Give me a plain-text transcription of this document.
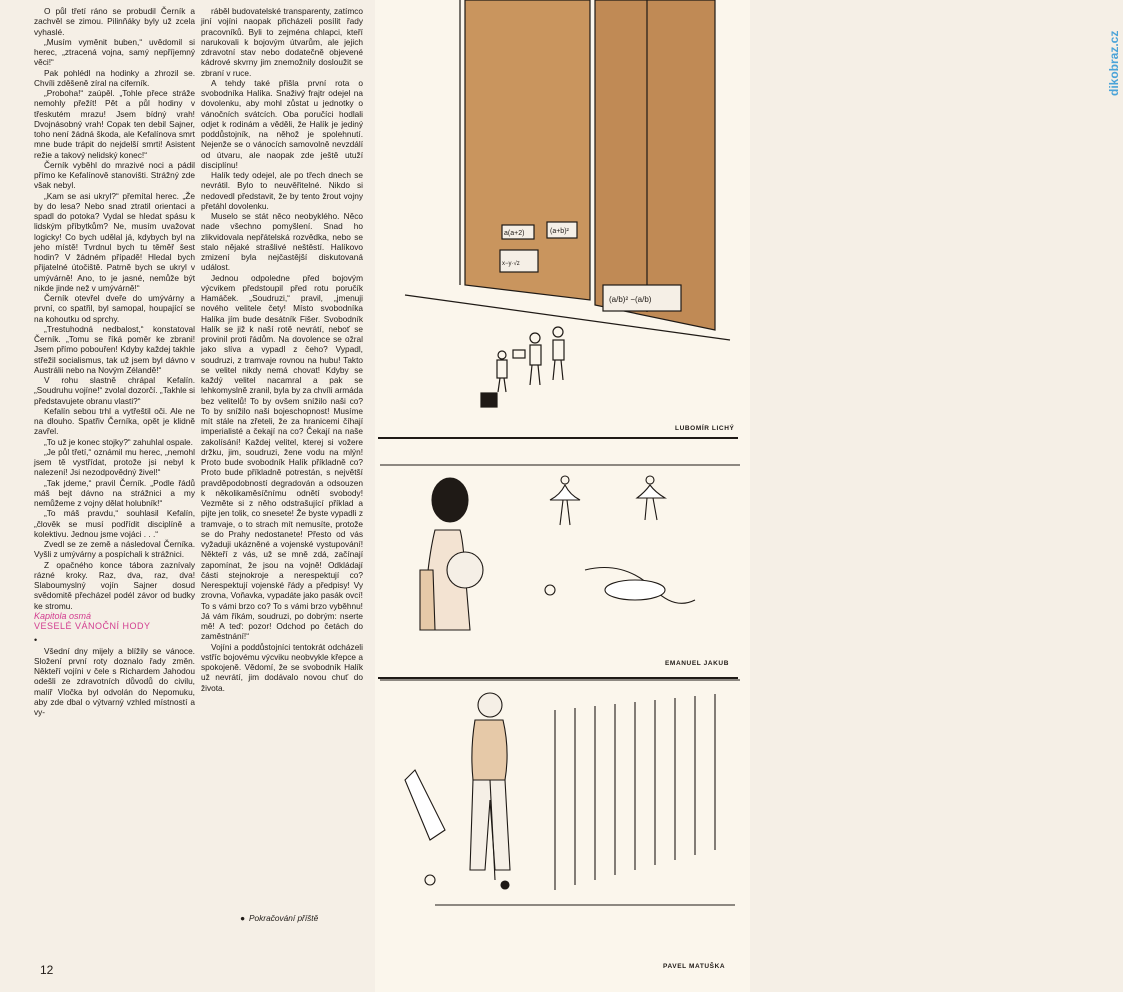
O půl třetí ráno se probudil Černík a zachvěl se zimou. Pilinňáky byly už zcela vyhaslé.

„Musím vyměnit buben,“ uvědomil si herec, „ztracená vojna, samý nepříjemný věci!“

Pak pohlédl na hodinky a zhrozil se. Chvíli zděšeně zíral na ciferník.

„Proboha!“ zaúpěl. „Tohle přece stráže nemohly přežít! Pět a půl hodiny v třeskutém mrazu! Jsem bídný vrah! Dvojnásobný vrah! Copak ten debil Sajner, toho není žádná škoda, ale Kefalínova smrt mne bude trápit do nejdelší smrti! Asistent režie a takový nelidský konec!“

Černík vyběhl do mrazivé noci a pádil přímo ke Kefalínově stanovišti. Strážný zde však nebyl.

„Kam se asi ukryl?“ přemítal herec. „Že by do lesa? Nebo snad ztratil orientaci a spadl do potoka? Vydal se hledat spásu k lidským příbytkům? Ne, musím uvažovat logicky! Co bych udělal já, kdybych byl na jeho místě! Tvrdnul bych tu těměř šest hodin? V žádném případě! Hledal bych přijatelné útočiště. Patrně bych se ukryl v umývárně! Ano, to je jasné, nemůže být nikde jinde než v umývárně!“

Černík otevřel dveře do umývárny a první, co spatřil, byl samopal, houpající se na kohoutku od sprchy.

„Trestuhodná nedbalost,“ konstatoval Černík. „Tomu se říká poměr ke zbrani! Jsem přímo pobouřen! Kdyby každej takhle střežil socialismus, tak už jsem byl dávno v Austrálii nebo na Novým Zélandě!“

V rohu slastně chrápal Kefalín. „Soudruhu vojíne!“ zvolal dozorčí. „Takhle si představujete obranu vlasti?“

Kefalín sebou trhl a vytřeštil oči. Ale ne na dlouho. Spatřiv Černíka, opět je klidně zavřel.

„To už je konec stojky?“ zahuhlal ospale.

„Je půl třetí,“ oznámil mu herec, „nemohl jsem tě vystřídat, protože jsi nebyl k nalezení! Jsi nezodpovědný živel!“

„Tak jdeme,“ pravil Černík. „Podle řádů máš bejt dávno na strážnici a my nemůžeme z vojny dělat holubník!“

„To máš pravdu,“ souhlasil Kefalín, „člověk se musí podřídit disciplíně a kolektivu. Jednou jsme vojáci . . .“

Zvedl se ze země a následoval Černíka. Vyšli z umývárny a pospíchali k strážnici.

Z opačného konce tábora zaznívaly rázné kroky. Raz, dva, raz, dva! Slaboumyslný vojín Sajner dosud svědomitě přecházel podél závor od budky ke stromu.

Kapitola osmá

VESELÉ VÁNOČNÍ HODY

•

Všední dny mijely a blížily se vánoce. Složení první roty doznalo řady změn. Někteří vojíni v čele s Richardem Jahodou odešli ze zdravotních důvodů do civilu, malíř Vločka byl odvolán do Nepomuku, aby zde dbal o výtvarný vzhled místností a vy-

ráběl budovatelské transparenty, zatímco jiní vojíni naopak přicházeli posílit řady pracovníků. Byli to zejména chlapci, kteří narukovali k bojovým útvarům, ale jejich zdravotní stav nebo dodatečně objevené kádrové skvrny jim znemožnily dosloužit se zbraní v ruce.

A tehdy také přišla první rota o svobodníka Halíka. Snaživý frajtr odejel na dovolenku, aby mohl zůstat u jednotky o vánočních svátcích. Oba poručíci hodlali odjet k rodinám a věděli, že Halík je jediný poddůstojník, na něhož je spolehnutí. Nejenže se o vánocích samovolně nevzdálí od útvaru, ale naopak zde ještě utuží disciplínu!

Halík tedy odejel, ale po třech dnech se nevrátil. Bylo to neuvěřitelné. Nikdo si nedovedl představit, že by tento žrout vojny přetáhl dovolenku.

Muselo se stát něco neobyklého. Něco nade všechno pomyšlení. Snad ho zlikvidovala nepřátelská rozvědka, nebo se stalo nějaké strašlivé neštěstí. Halíkovo zmizení byla nejčastější diskutovaná událost.

Jednou odpoledne před bojovým výcvikem předstoupil před rotu poručík Hamáček. „Soudruzi,“ pravil, „jmenuji nového velitele čety! Místo svobodníka Halíka jím bude desátník Fišer. Svobodník Halík se již k naší rotě nevrátí, neboť se provinil proti řádům. Na dovolence se ožral jako slíva a vypadl z čeho? Vypadl, soudruzi, z tramvaje rovnou na hubu! Takto se velitel nikdy nemá chovat! Kdyby se každý velitel nacamral a pak se lehkomyslně zranil, byla by za chvíli armáda bez velitelů! To by ovšem snížilo naši co? To by snížilo naši bojeschopnost! Musíme mít stále na zřeteli, že za hranicemi číhají imperialisté a čekají na co? Čekají na naše zakolísání! Každej velitel, kterej si vožere držku, jim, soudruzi, žene vodu na mlýn! Proto bude svobodník Halík příkladně co? Proto bude příkladně potrestán, s největší pravděpodobností degradován a odsouzen k několikaměsíčnímu odnětí svobody! Vezměte si z něho odstrašující příklad a pijte jen tolik, co snesete! Že byste vypadli z tramvaje, o to strach mít nemusíte, protože se do Prahy nedostanete! Přesto od vás vyžaduji ukázněné a vojenské vystupování! Někteří z vás, už se mně zdá, začínají zapomínat, že jsou na vojně! Odkládají části stejnokroje a nerespektují co? Nerespektují vojenské řády a předpisy! Vy zrovna, Voňavka, vypadáte jako pasák ovcí! To s vámi brzo co? To s vámi brzo vyběhnu! Já vám říkám, soudruzi, po dobrým: nserte mě! A teď: pozor! Odchod po četách do zaměstnání!“

Vojíni a poddůstojníci tentokrát odcházeli vstříc bojovému výcviku neobvykle křepce a spokojeně. Vědomí, že se svobodník Halík už nevrátí, jim dodávalo novou chuť do života.

● Pokračování příště
12
x−y·√z
a(a+2)	(a+b)²
(a/b)² −(a/b)
LUBOMÍR LICHÝ
EMANUEL JAKUB
PAVEL MATUŠKA
dikobraz.cz
